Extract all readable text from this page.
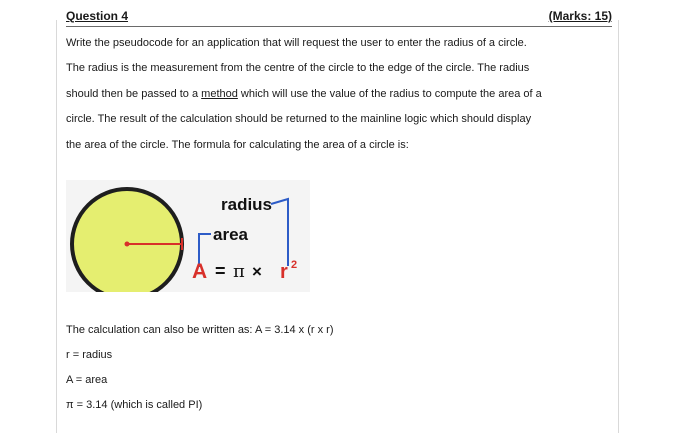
Question 4	(Marks: 15)
Write the pseudocode for an application that will request the user to enter the radius of a circle.
The radius is the measurement from the centre of the circle to the edge of the circle. The radius
should then be passed to a method which will use the value of the radius to compute the area of a
circle. The result of the calculation should be returned to the mainline logic which should display
the area of the circle. The formula for calculating the area of a circle is:
radius
area
A = π × r 2
The calculation can also be written as: A = 3.14 x (r x r)
r = radius
A = area
π = 3.14 (which is called PI)
